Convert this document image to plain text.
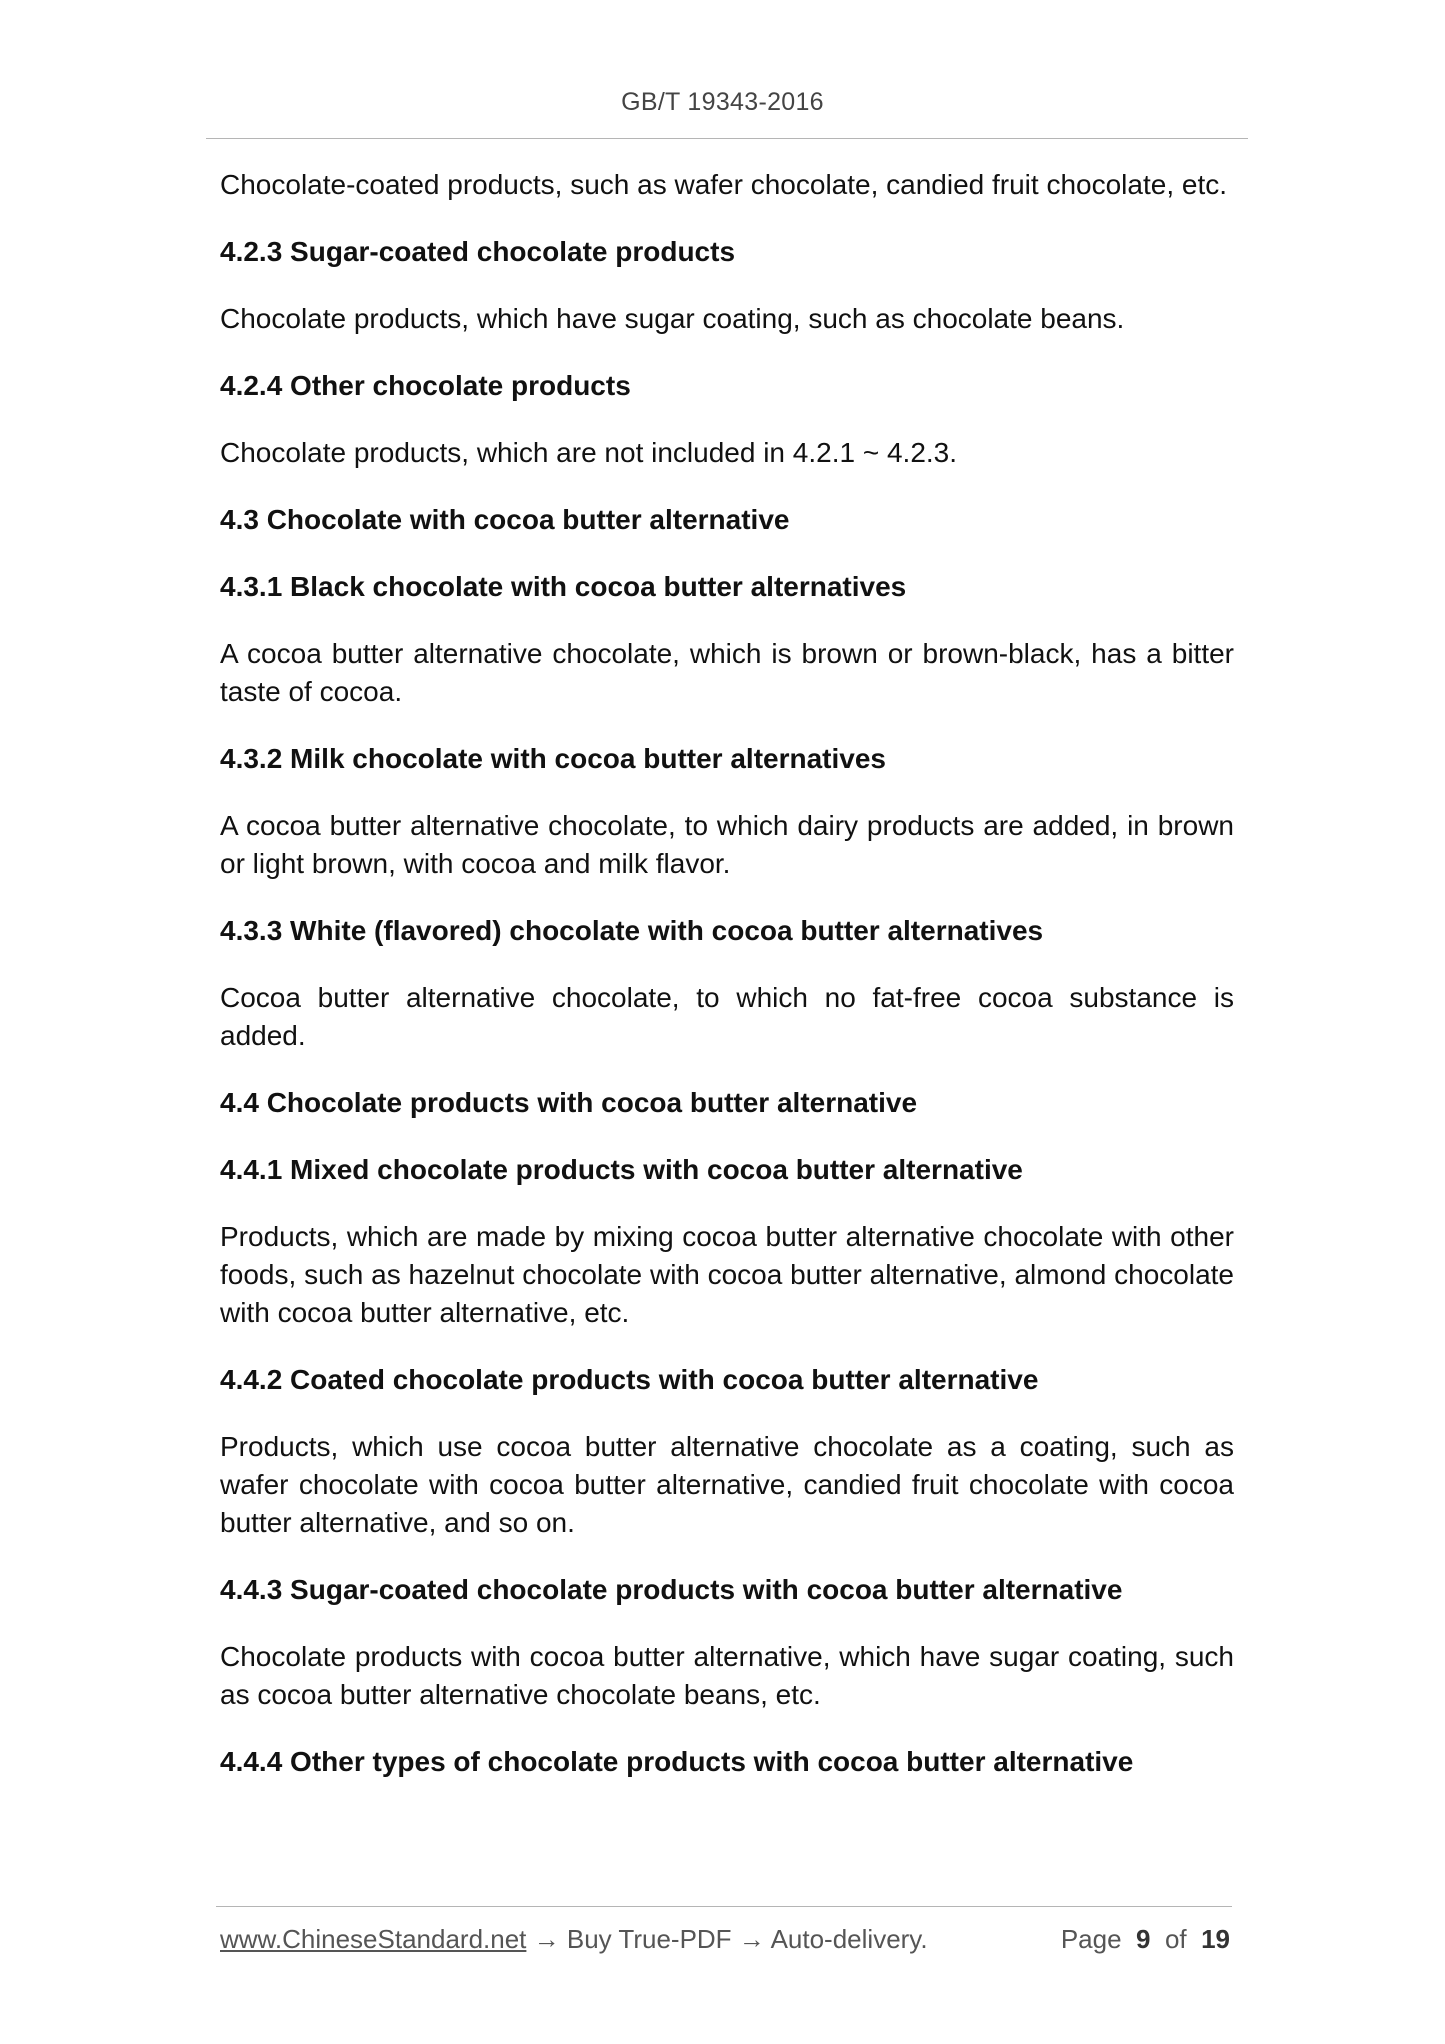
GB/T 19343-2016

Chocolate-coated products, such as wafer chocolate, candied fruit chocolate, etc.

4.2.3 Sugar-coated chocolate products

Chocolate products, which have sugar coating, such as chocolate beans.

4.2.4 Other chocolate products

Chocolate products, which are not included in 4.2.1 ~ 4.2.3.

4.3 Chocolate with cocoa butter alternative
4.3.1 Black chocolate with cocoa butter alternatives

A cocoa butter alternative chocolate, which is brown or brown-black, has a bitter taste of cocoa.

4.3.2 Milk chocolate with cocoa butter alternatives

A cocoa butter alternative chocolate, to which dairy products are added, in brown or light brown, with cocoa and milk flavor.

4.3.3 White (flavored) chocolate with cocoa butter alternatives

Cocoa butter alternative chocolate, to which no fat-free cocoa substance is added.

4.4 Chocolate products with cocoa butter alternative
4.4.1 Mixed chocolate products with cocoa butter alternative

Products, which are made by mixing cocoa butter alternative chocolate with other foods, such as hazelnut chocolate with cocoa butter alternative, almond chocolate with cocoa butter alternative, etc.

4.4.2 Coated chocolate products with cocoa butter alternative

Products, which use cocoa butter alternative chocolate as a coating, such as wafer chocolate with cocoa butter alternative, candied fruit chocolate with cocoa butter alternative, and so on.

4.4.3 Sugar-coated chocolate products with cocoa butter alternative

Chocolate products with cocoa butter alternative, which have sugar coating, such as cocoa butter alternative chocolate beans, etc.

4.4.4 Other types of chocolate products with cocoa butter alternative
www.ChineseStandard.net → Buy True-PDF → Auto-delivery.	Page 9 of 19
